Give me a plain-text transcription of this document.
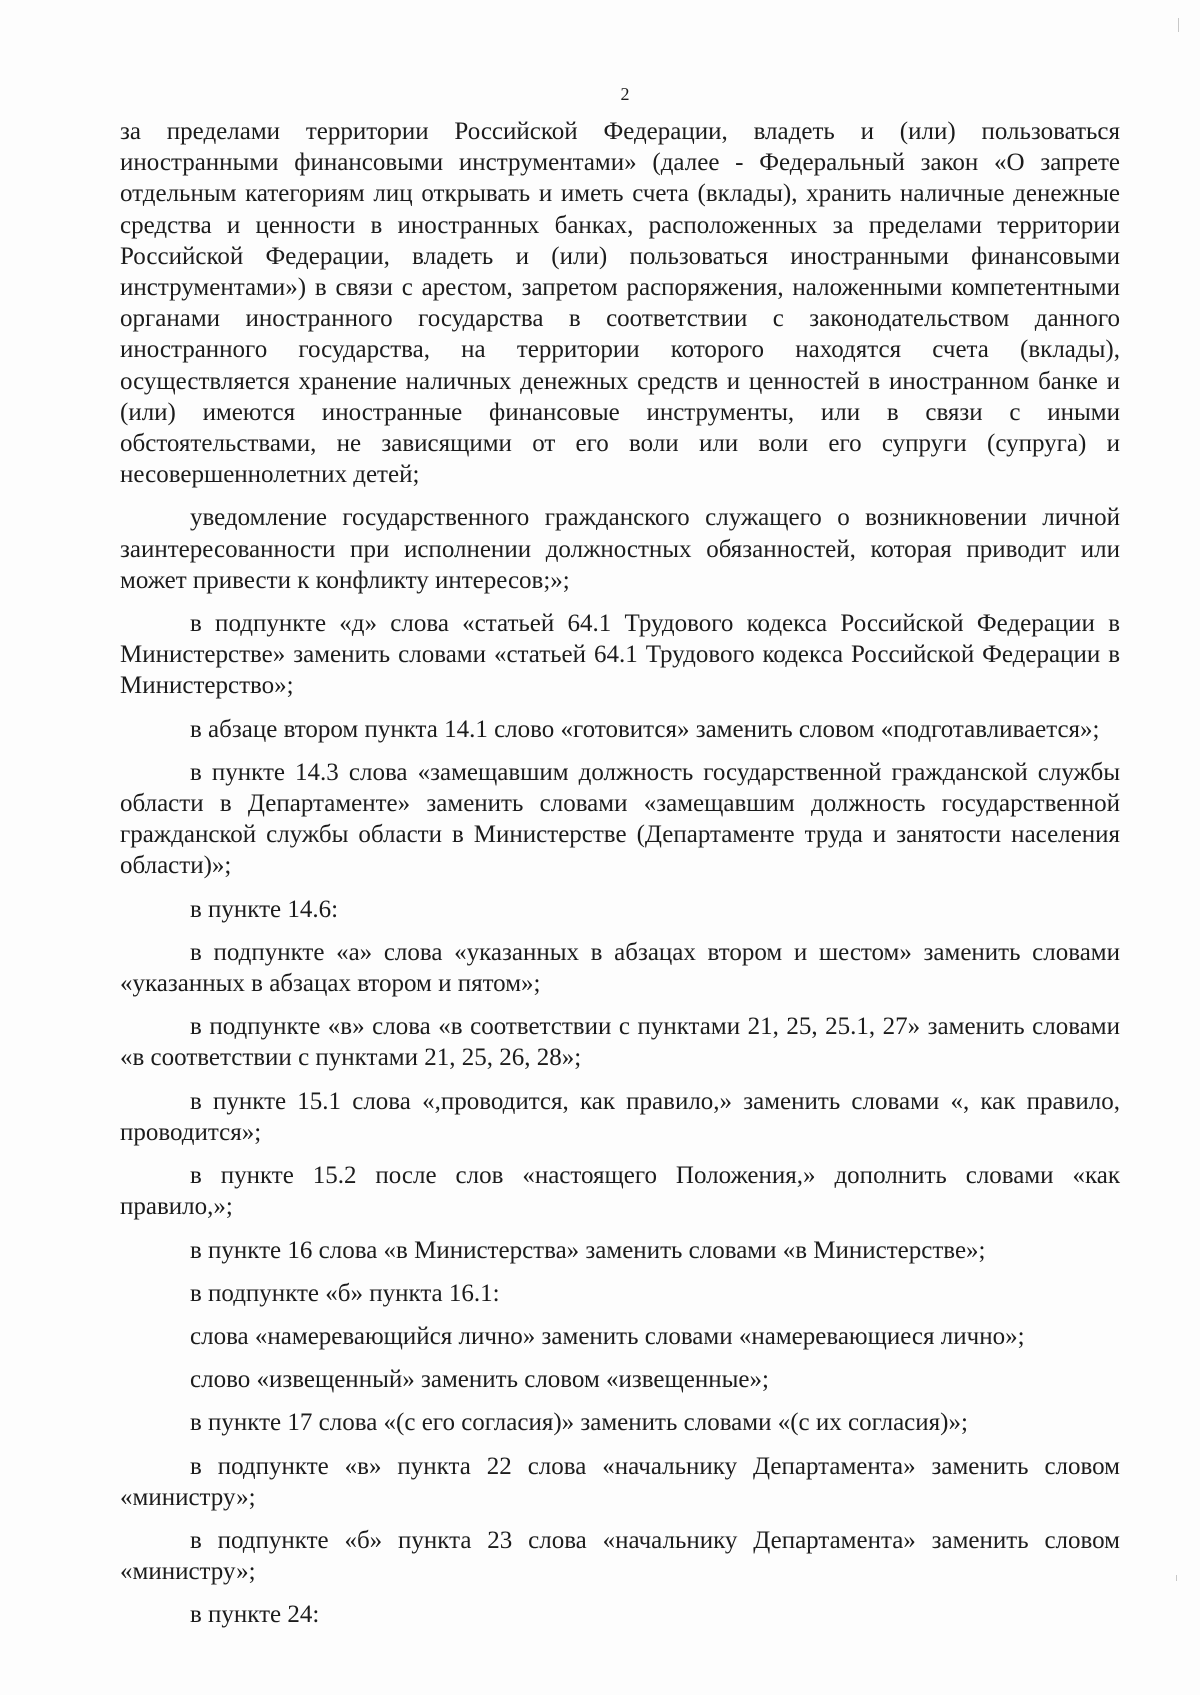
2

за пределами территории Российской Федерации, владеть и (или) пользоваться иностранными финансовыми инструментами» (далее - Федеральный закон «О запрете отдельным категориям лиц открывать и иметь счета (вклады), хранить наличные денежные средства и ценности в иностранных банках, расположенных за пределами территории Российской Федерации, владеть и (или) пользоваться иностранными финансовыми инструментами») в связи с арестом, запретом распоряжения, наложенными компетентными органами иностранного государства в соответствии с законодательством данного иностранного государства, на территории которого находятся счета (вклады), осуществляется хранение наличных денежных средств и ценностей в иностранном банке и (или) имеются иностранные финансовые инструменты, или в связи с иными обстоятельствами, не зависящими от его воли или воли его супруги (супруга) и несовершеннолетних детей;

уведомление государственного гражданского служащего о возникновении личной заинтересованности при исполнении должностных обязанностей, которая приводит или может привести к конфликту интересов;»;

в подпункте «д» слова «статьей 64.1 Трудового кодекса Российской Федерации в Министерстве» заменить словами «статьей 64.1 Трудового кодекса Российской Федерации в Министерство»;

в абзаце втором пункта 14.1 слово «готовится» заменить словом «подготавливается»;

в пункте 14.3 слова «замещавшим должность государственной гражданской службы области в Департаменте» заменить словами «замещавшим должность государственной гражданской службы области в Министерстве (Департаменте труда и занятости населения области)»;

в пункте 14.6:

в подпункте «а» слова «указанных в абзацах втором и шестом» заменить словами «указанных в абзацах втором и пятом»;

в подпункте «в» слова «в соответствии с пунктами 21, 25, 25.1, 27» заменить словами «в соответствии с пунктами 21, 25, 26, 28»;

в пункте 15.1 слова «,проводится, как правило,» заменить словами «, как правило, проводится»;

в пункте 15.2 после слов «настоящего Положения,» дополнить словами «как правило,»;

в пункте 16 слова «в Министерства» заменить словами «в Министерстве»;

в подпункте «б» пункта 16.1:

слова «намеревающийся лично» заменить словами «намеревающиеся лично»;

слово «извещенный» заменить словом «извещенные»;

в пункте 17 слова «(с его согласия)» заменить словами «(с их согласия)»;

в подпункте «в» пункта 22 слова «начальнику Департамента» заменить словом «министру»;

в подпункте «б» пункта 23 слова «начальнику Департамента» заменить словом «министру»;

в пункте 24:
